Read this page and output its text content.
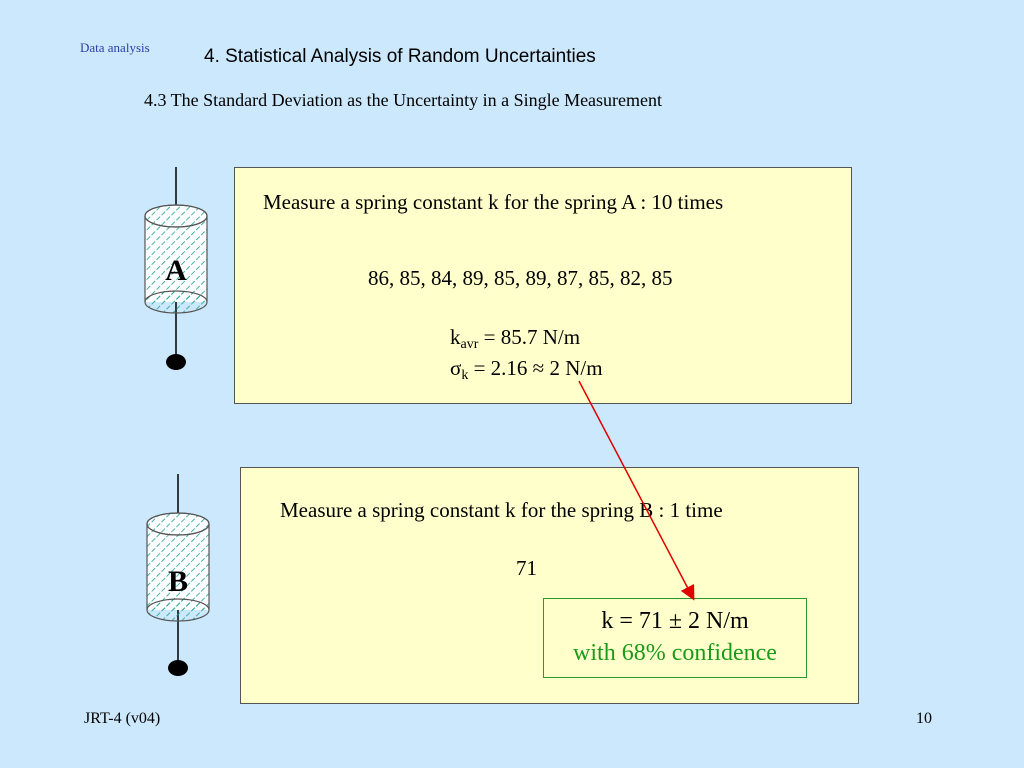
Data analysis	4. Statistical Analysis of Random Uncertainties
4.3 The Standard Deviation as the Uncertainty in a Single Measurement
Measure a spring constant k for the spring A : 10 times
86, 85, 84, 89, 85, 89, 87, 85, 82, 85
$k_{avr} = 85.7$ N/m
$\sigma_k = 2.16 \approx 2$ N/m
Measure a spring constant k for the spring B : 1 time
71
k = 71 ± 2 N/m
with 68% confidence
JRT-4 (v04)	10
A
B
